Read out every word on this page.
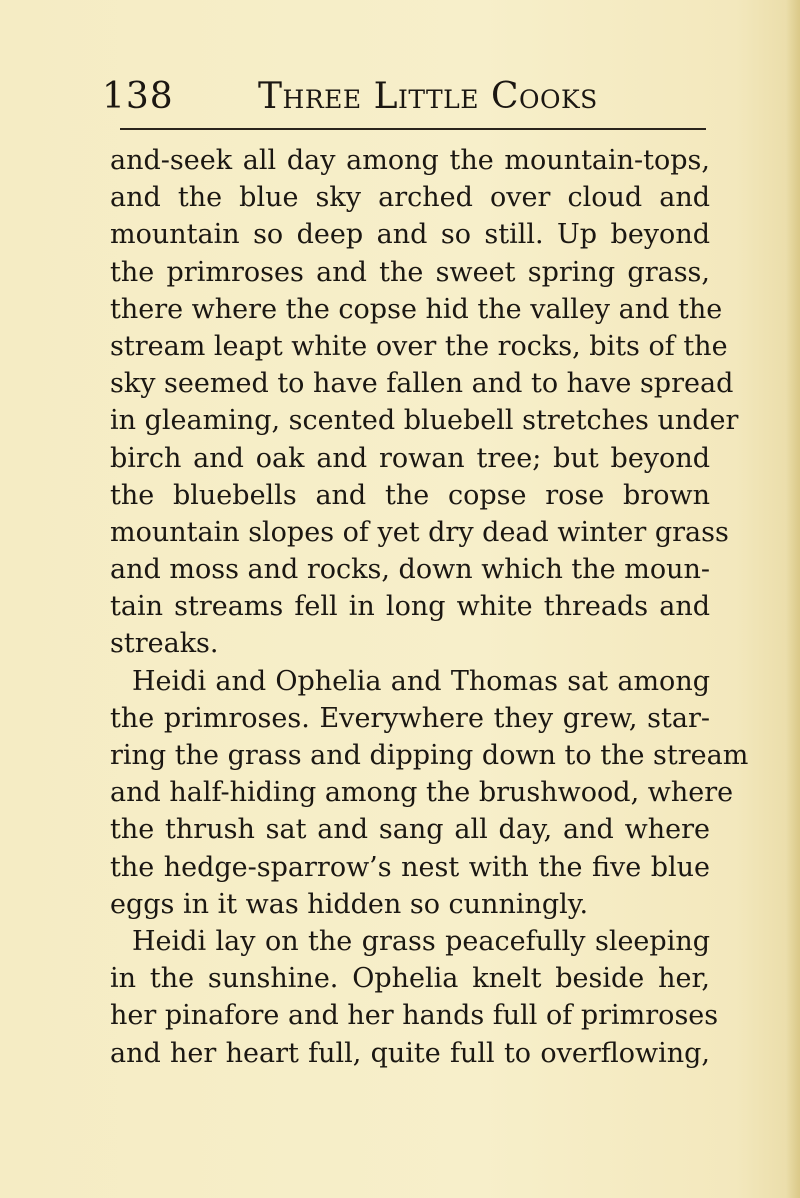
138 Three Little Cooks
and-seek all day among the mountain-tops,
and the blue sky arched over cloud and
mountain so deep and so still. Up beyond
the primroses and the sweet spring grass,
there where the copse hid the valley and the
stream leapt white over the rocks, bits of the
sky seemed to have fallen and to have spread
in gleaming, scented bluebell stretches under
birch and oak and rowan tree; but beyond
the bluebells and the copse rose brown
mountain slopes of yet dry dead winter grass
and moss and rocks, down which the moun-
tain streams fell in long white threads and
streaks.
Heidi and Ophelia and Thomas sat among
the primroses. Everywhere they grew, star-
ring the grass and dipping down to the stream
and half-hiding among the brushwood, where
the thrush sat and sang all day, and where
the hedge-sparrow’s nest with the five blue
eggs in it was hidden so cunningly.
Heidi lay on the grass peacefully sleeping
in the sunshine. Ophelia knelt beside her,
her pinafore and her hands full of primroses
and her heart full, quite full to overflowing,
